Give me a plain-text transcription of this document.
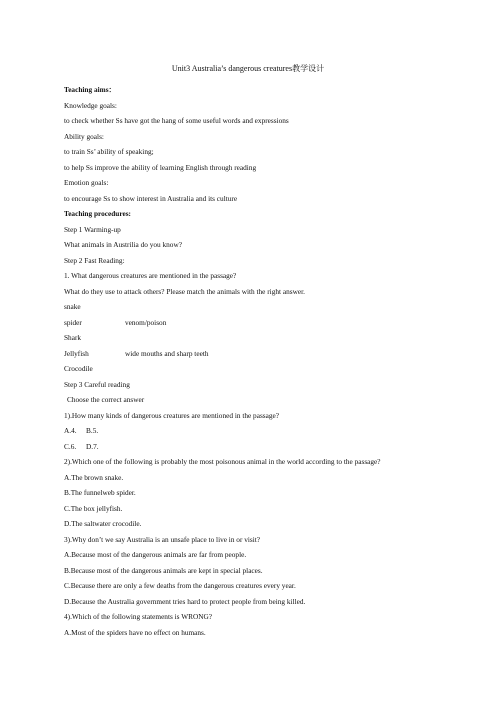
Unit3 Australia’s dangerous creatures教学设计
Teaching aims：
Knowledge goals:
to check whether Ss have got the hang of some useful words and expressions
Ability goals:
to train Ss’ ability of speaking;
to help Ss improve the ability of learning English through reading
Emotion goals:
to encourage Ss to show interest in Australia and its culture
Teaching procedures:
Step 1 Warming-up
What animals in Austrilia do you know?
Step 2 Fast Reading:
1. What dangerous creatures are mentioned in the passage?
What do they use to attack others? Please match the animals with the right answer.
snake
spider	venom/poison
Shark
Jellyfish	wide mouths and sharp teeth
Crocodile
Step 3 Careful reading
Choose the correct answer
1).How many kinds of dangerous creatures are mentioned in the passage?
A.4. B.5.
C.6. D.7.
2).Which one of the following is probably the most poisonous animal in the world according to the passage?
A.The brown snake.
B.The funnelweb spider.
C.The box jellyfish.
D.The saltwater crocodile.
3).Why don’t we say Australia is an unsafe place to live in or visit?
A.Because most of the dangerous animals are far from people.
B.Because most of the dangerous animals are kept in special places.
C.Because there are only a few deaths from the dangerous creatures every year.
D.Because the Australia government tries hard to protect people from being killed.
4).Which of the following statements is WRONG?
A.Most of the spiders have no effect on humans.
